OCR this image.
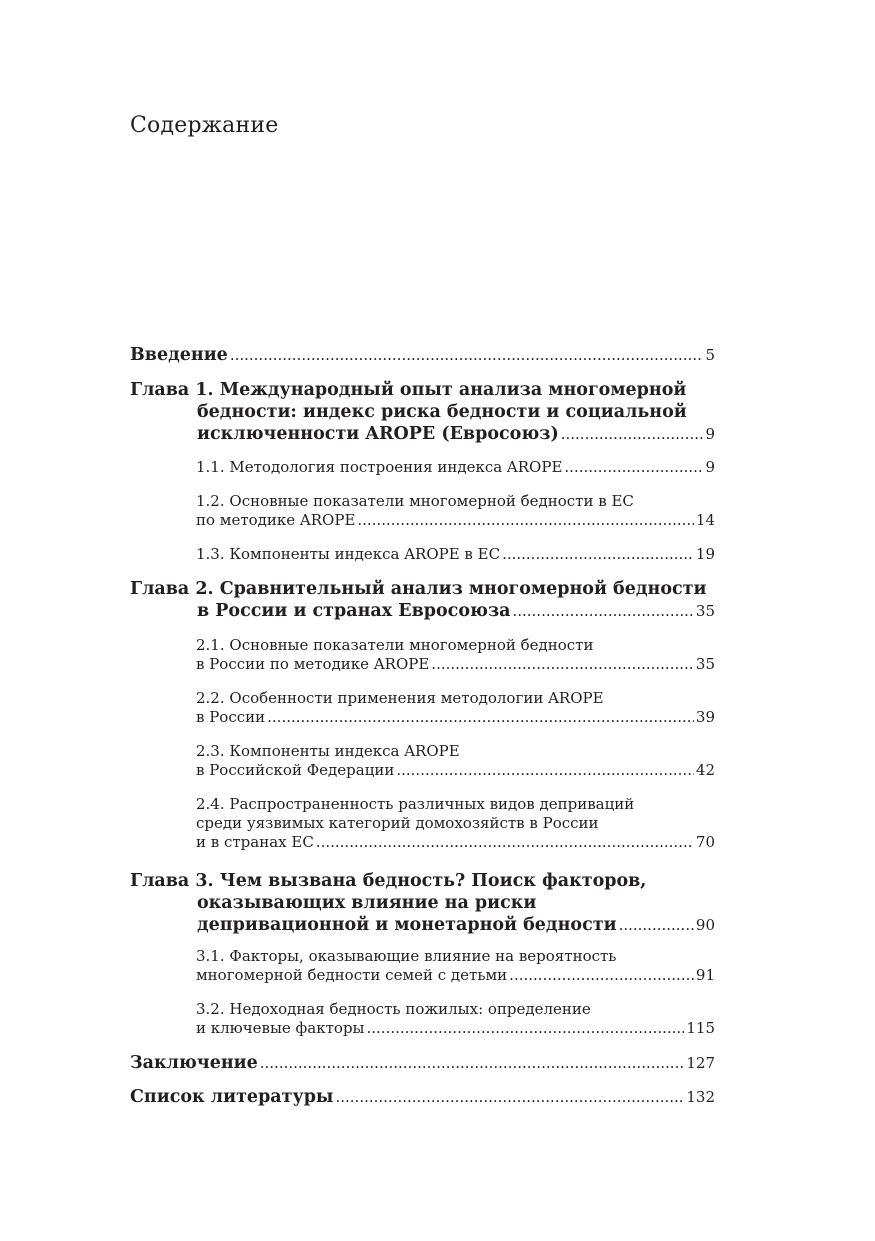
Содержание
Введение .....	5
Глава 1. Международный опыт анализа многомерной
бедности: индекс риска бедности и социальной
исключенности AROPE (Евросоюз) .....	9
1.1. Методология построения индекса AROPE .....	9
1.2. Основные показатели многомерной бедности в ЕС
по методике AROPE .....	14
1.3. Компоненты индекса AROPE в ЕС .....	19
Глава 2. Сравнительный анализ многомерной бедности
в России и странах Евросоюза .....	35
2.1. Основные показатели многомерной бедности
в России по методике AROPE .....	35
2.2. Особенности применения методологии AROPE
в России .....	39
2.3. Компоненты индекса AROPE
в Российской Федерации .....	42
2.4. Распространенность различных видов деприваций
среди уязвимых категорий домохозяйств в России
и в странах ЕС .....	70
Глава 3. Чем вызвана бедность? Поиск факторов,
оказывающих влияние на риски
депривационной и монетарной бедности .....	90
3.1. Факторы, оказывающие влияние на вероятность
многомерной бедности семей с детьми .....	91
3.2. Недоходная бедность пожилых: определение
и ключевые факторы .....	115
Заключение .....	127
Список литературы .....	132
